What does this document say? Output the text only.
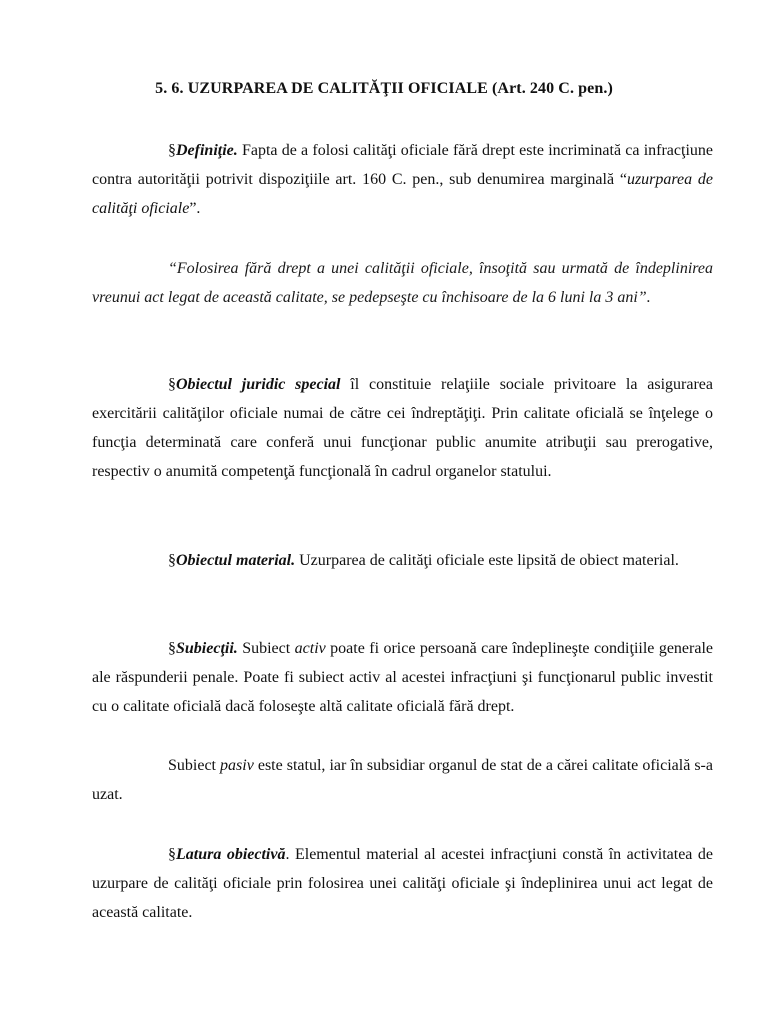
5. 6. UZURPAREA DE CALITĂŢII OFICIALE (Art. 240 C. pen.)

§Definiţie. Fapta de a folosi calităţi oficiale fără drept este incriminată ca infracţiune contra autorităţii potrivit dispoziţiile art. 160 C. pen., sub denumirea marginală “uzurparea de calităţi oficiale”.

“Folosirea fără drept a unei calităţii oficiale, însoţită sau urmată de îndeplinirea vreunui act legat de această calitate, se pedepseşte cu închisoare de la 6 luni la 3 ani”.

§Obiectul juridic special îl constituie relaţiile sociale privitoare la asigurarea exercitării calităţilor oficiale numai de către cei îndreptăţiţi. Prin calitate oficială se înţelege o funcţia determinată care conferă unui funcţionar public anumite atribuţii sau prerogative, respectiv o anumită competenţă funcţională în cadrul organelor statului.

§Obiectul material. Uzurparea de calităţi oficiale este lipsită de obiect material.

§Subiecţii. Subiect activ poate fi orice persoană care îndeplineşte condiţiile generale ale răspunderii penale. Poate fi subiect activ al acestei infracţiuni şi funcţionarul public investit cu o calitate oficială dacă foloseşte altă calitate oficială fără drept.

Subiect pasiv este statul, iar în subsidiar organul de stat de a cărei calitate oficială s-a uzat.

§Latura obiectivă. Elementul material al acestei infracţiuni constă în activitatea de uzurpare de calităţi oficiale prin folosirea unei calităţi oficiale şi îndeplinirea unui act legat de această calitate.
